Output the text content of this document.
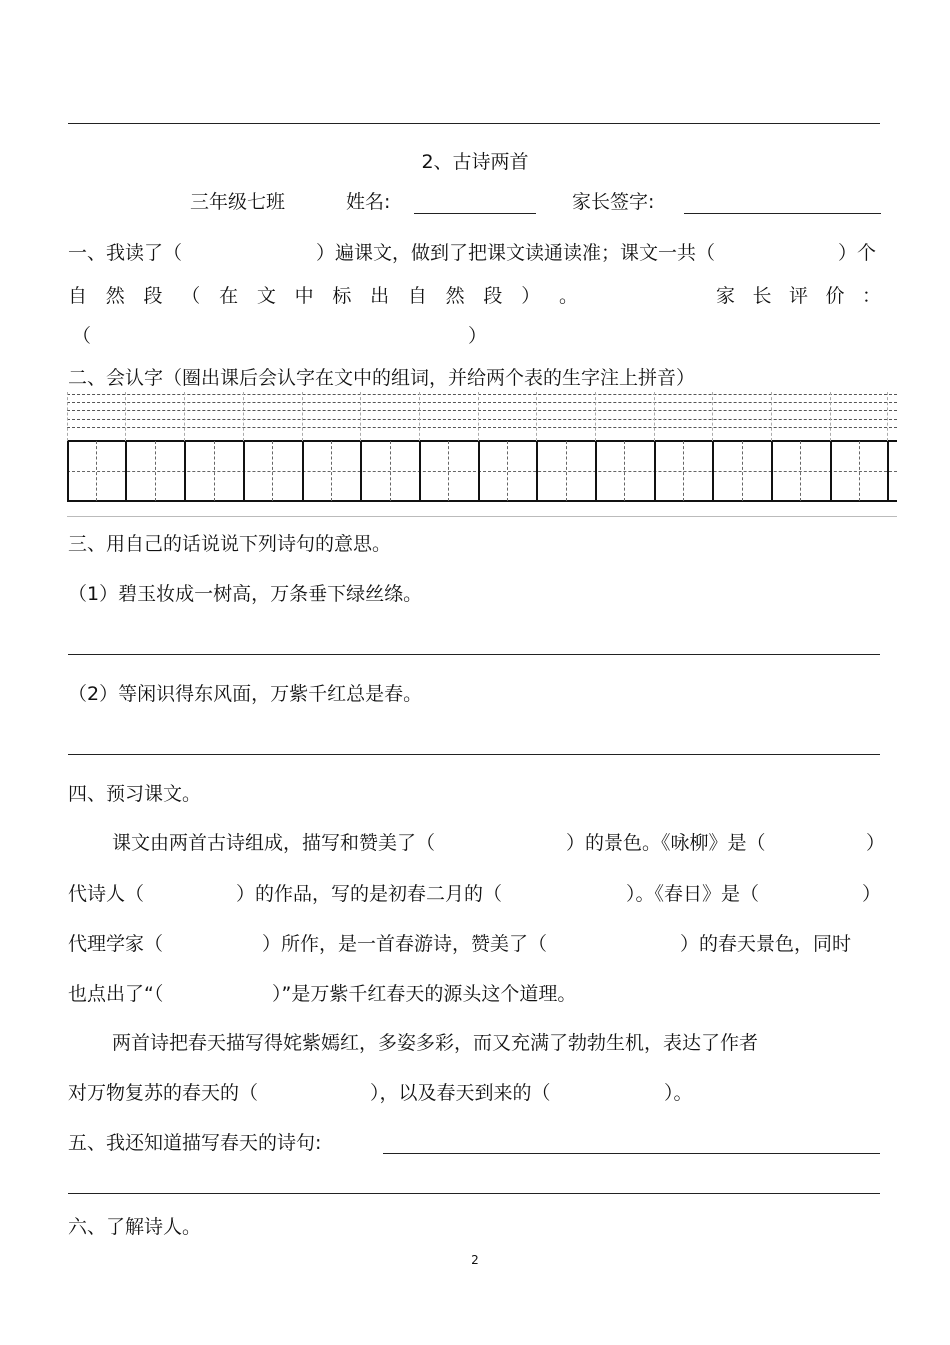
2、古诗两首
三年级七班	姓名:	家长签字:
一、我读了（	）遍课文，做到了把课文读通读准；课文一共（	）个
自 然 段 （ 在 文 中 标 出 自 然 段 ） 。	家 长 评 价 ：
（	）
二、会认字（圈出课后会认字在文中的组词，并给两个表的生字注上拼音）
三、用自己的话说说下列诗句的意思。
（1）碧玉妆成一树高，万条垂下绿丝绦。
（2）等闲识得东风面，万紫千红总是春。
四、预习课文。
课文由两首古诗组成，描写和赞美了（	）的景色。《咏柳》是（	）
代诗人（	）的作品，写的是初春二月的（	）。《春日》是（	）
代理学家（	）所作，是一首春游诗，赞美了（	）的春天景色，同时
也点出了“（	）”是万紫千红春天的源头这个道理。
两首诗把春天描写得姹紫嫣红，多姿多彩，而又充满了勃勃生机，表达了作者
对万物复苏的春天的（	），以及春天到来的（	）。
五、我还知道描写春天的诗句:
六、了解诗人。
2
